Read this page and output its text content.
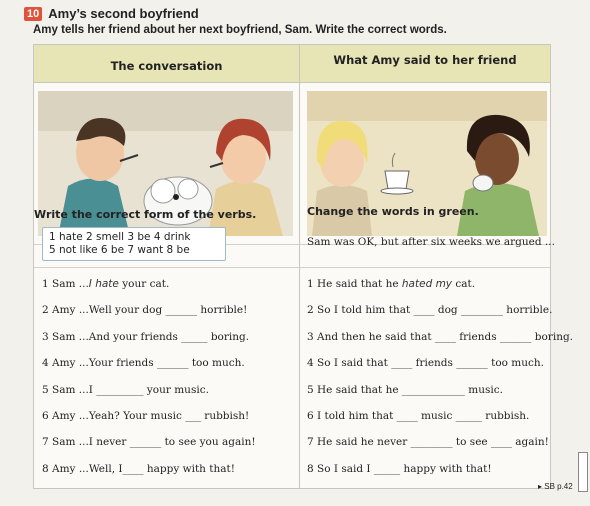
10 Amy’s second boyfriend
Amy tells her friend about her next boyfriend, Sam. Write the correct words.
The conversation	What Amy said to her friend
Write the correct form of the verbs.	Change the words in green.
1 hate 2 smell 3 be 4 drink
5 not like 6 be 7 want 8 be
Sam was OK, but after six weeks we argued ...
1 Sam ...I hate your cat.	1 He said that he hated my cat.
2 Amy ...Well your dog ______ horrible!	2 So I told him that ____ dog ________ horrible.
3 Sam ...And your friends _____ boring.	3 And then he said that ____ friends ______ boring.
4 Amy ...Your friends ______ too much.	4 So I said that ____ friends ______ too much.
5 Sam ...I _________ your music.	5 He said that he ____________ music.
6 Amy ...Yeah? Your music ___ rubbish!	6 I told him that ____ music _____ rubbish.
7 Sam ...I never ______ to see you again!	7 He said he never ________ to see ____ again!
8 Amy ...Well, I____ happy with that!	8 So I said I _____ happy with that!
▸ SB p.42
